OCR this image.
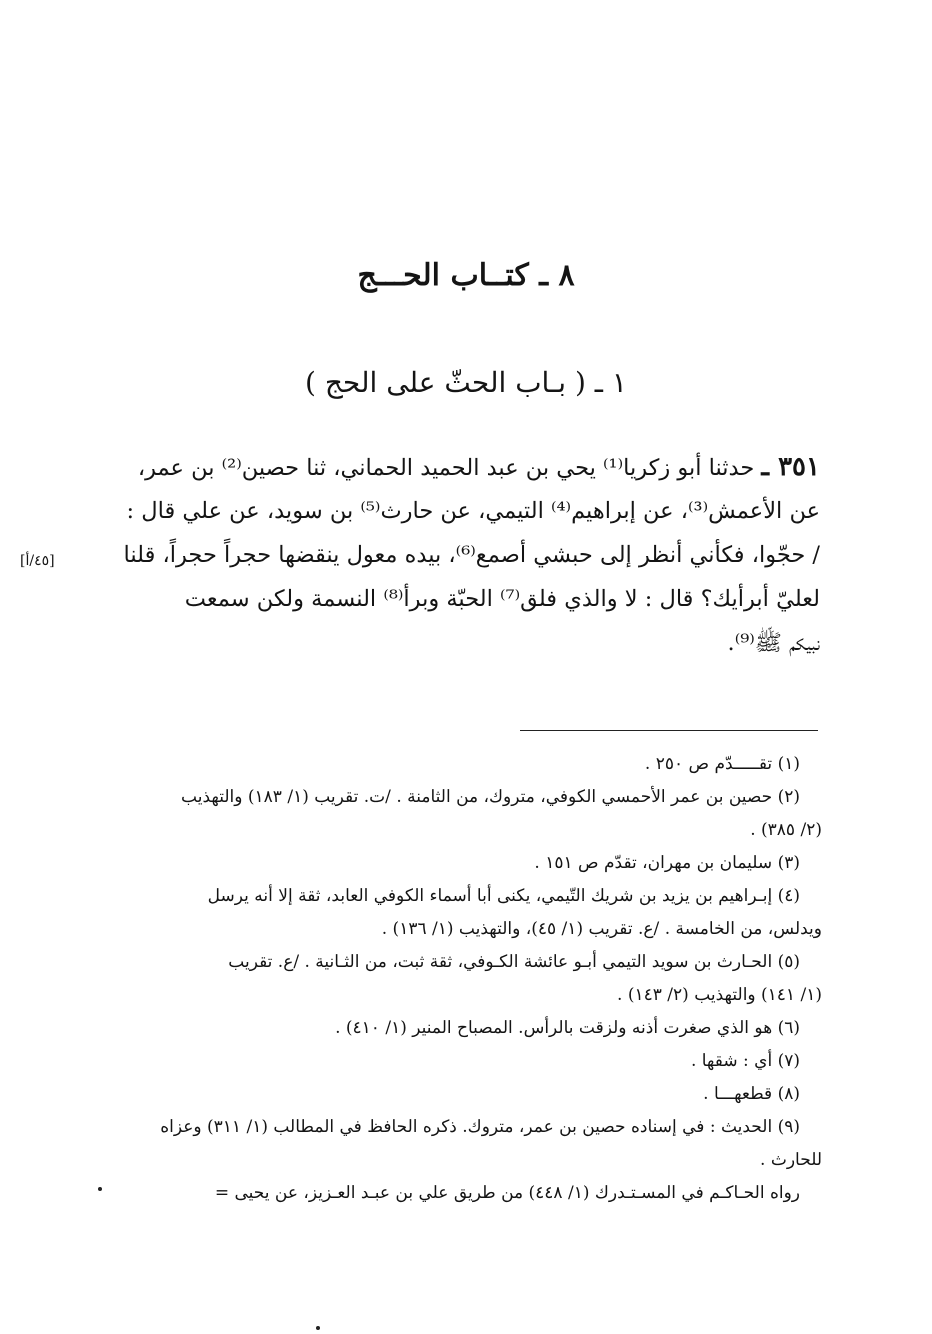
٨ ـ كتــاب الحـــج
١ ـ ( بـاب الحثّ على الحج )
٣٥١ ـ حدثنا أبو زكريا⁽¹⁾ يحي بن عبد الحميد الحماني، ثنا حصين⁽²⁾ بن عمر،
عن الأعمش⁽³⁾، عن إبراهيم⁽⁴⁾ التيمي، عن حارث⁽⁵⁾ بن سويد، عن علي قال :
/ حجّوا، فكأني أنظر إلى حبشي أصمع⁽⁶⁾، بيده معول ينقضها حجراً حجراً، قلنا
لعليّ أبرأيك؟ قال : لا والذي فلق⁽⁷⁾ الحبّة وبرأ⁽⁸⁾ النسمة ولكن سمعت
نبيكم ﷺ⁽⁹⁾.
[٤٥/أ]
(١) تقـــــدّم ص ٢٥٠ .
(٢) حصين بن عمر الأحمسي الكوفي، متروك، من الثامنة . /ت. تقريب (١/ ١٨٣) والتهذيب
(٢/ ٣٨٥) .
(٣) سليمان بن مهران، تقدّم ص ١٥١ .
(٤) إبـراهيم بن يزيد بن شريك التّيمي، يكنى أبا أسماء الكوفي العابد، ثقة إلا أنه يرسل
ويدلس، من الخامسة . /ع. تقريب (١/ ٤٥)، والتهذيب (١/ ١٣٦) .
(٥) الحـارث بن سويد التيمي أبـو عائشة الكـوفي، ثقة ثبت، من الثـانية . /ع. تقريب
(١/ ١٤١) والتهذيب (٢/ ١٤٣) .
(٦) هو الذي صغرت أذنه ولزقت بالرأس. المصباح المنير (١/ ٤١٠) .
(٧) أي : شقها .
(٨) قطعهـــا .
(٩) الحديث : في إسناده حصين بن عمر، متروك. ذكره الحافظ في المطالب (١/ ٣١١) وعزاه
للحارث .
رواه الحـاكـم في المسـتـدرك (١/ ٤٤٨) من طريق علي بن عبـد العـزيز، عن يحيى =
